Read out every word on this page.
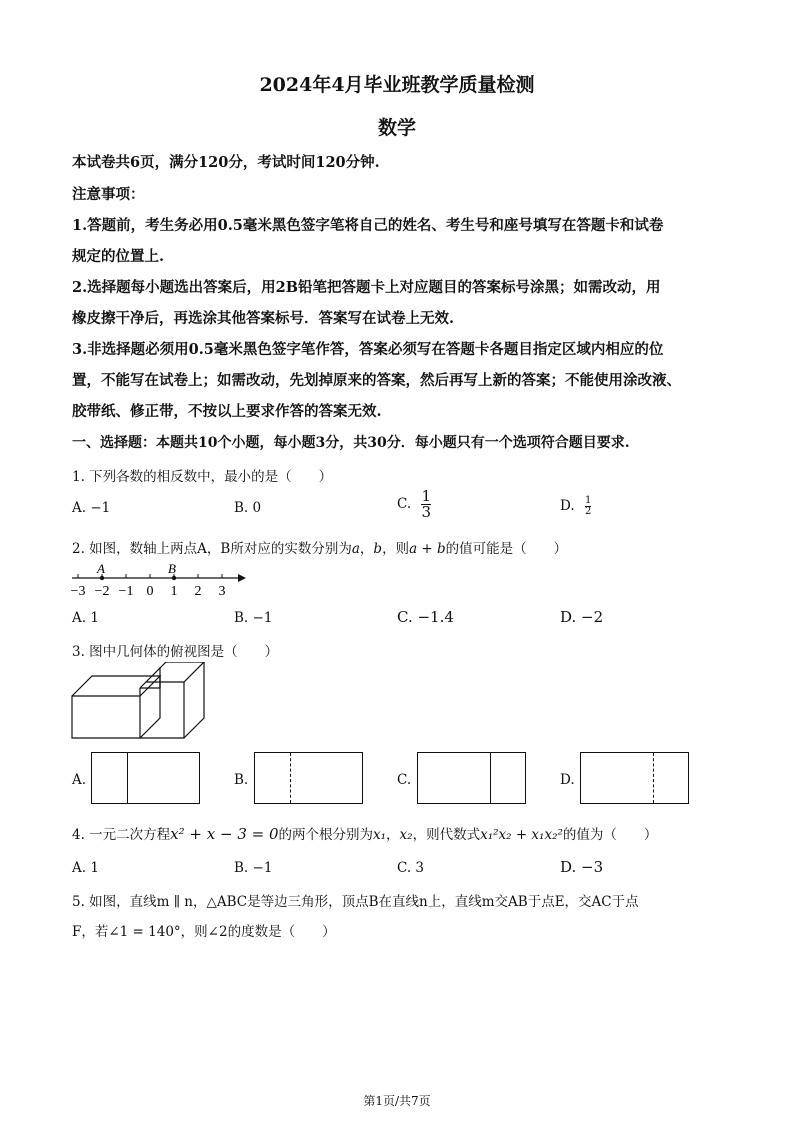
2024年4月毕业班教学质量检测
数学
本试卷共6页，满分120分，考试时间120分钟.
注意事项：
1.答题前，考生务必用0.5毫米黑色签字笔将自己的姓名、考生号和座号填写在答题卡和试卷
规定的位置上.
2.选择题每小题选出答案后，用2B铅笔把答题卡上对应题目的答案标号涂黑；如需改动，用
橡皮擦干净后，再选涂其他答案标号．答案写在试卷上无效.
3.非选择题必须用0.5毫米黑色签字笔作答，答案必须写在答题卡各题目指定区域内相应的位
置，不能写在试卷上；如需改动，先划掉原来的答案，然后再写上新的答案；不能使用涂改液、
胶带纸、修正带，不按以上要求作答的答案无效.
一、选择题：本题共10个小题，每小题3分，共30分．每小题只有一个选项符合题目要求.
1. 下列各数的相反数中，最小的是（　　）
A. −1	B. 0	C. $\frac{1}{3}$	D. $\frac{1}{2}$
2. 如图，数轴上两点A，B所对应的实数分别为a，b，则a + b的值可能是（　　）
−3 −2 −1 0 1 2 3
A	B
A. 1	B. −1	C. −1.4	D. −2
3. 图中几何体的俯视图是（　　）
A.	B.	C.	D.
4. 一元二次方程x² + x − 3 = 0的两个根分别为x₁，x₂，则代数式x₁²x₂ + x₁x₂²的值为（　　）
A. 1	B. −1	C. 3	D. −3
5. 如图，直线m ∥ n，△ABC是等边三角形，顶点B在直线n上，直线m交AB于点E，交AC于点
F，若∠1 = 140°，则∠2的度数是（　　）
第1页/共7页
